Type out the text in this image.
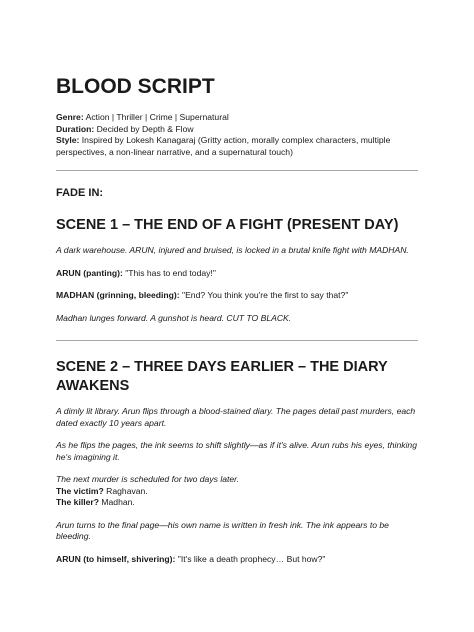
BLOOD SCRIPT

Genre: Action | Thriller | Crime | Supernatural

Duration: Decided by Depth & Flow

Style: Inspired by Lokesh Kanagaraj (Gritty action, morally complex characters, multiple perspectives, a non-linear narrative, and a supernatural touch)

FADE IN:

SCENE 1 – THE END OF A FIGHT (PRESENT DAY)

A dark warehouse. ARUN, injured and bruised, is locked in a brutal knife fight with MADHAN.

ARUN (panting): "This has to end today!"

MADHAN (grinning, bleeding): "End? You think you're the first to say that?"

Madhan lunges forward. A gunshot is heard. CUT TO BLACK.

SCENE 2 – THREE DAYS EARLIER – THE DIARY AWAKENS

A dimly lit library. Arun flips through a blood-stained diary. The pages detail past murders, each dated exactly 10 years apart.

As he flips the pages, the ink seems to shift slightly—as if it's alive. Arun rubs his eyes, thinking he's imagining it.

The next murder is scheduled for two days later.

The victim? Raghavan.

The killer? Madhan.

Arun turns to the final page—his own name is written in fresh ink. The ink appears to be bleeding.

ARUN (to himself, shivering): "It's like a death prophecy… But how?"
